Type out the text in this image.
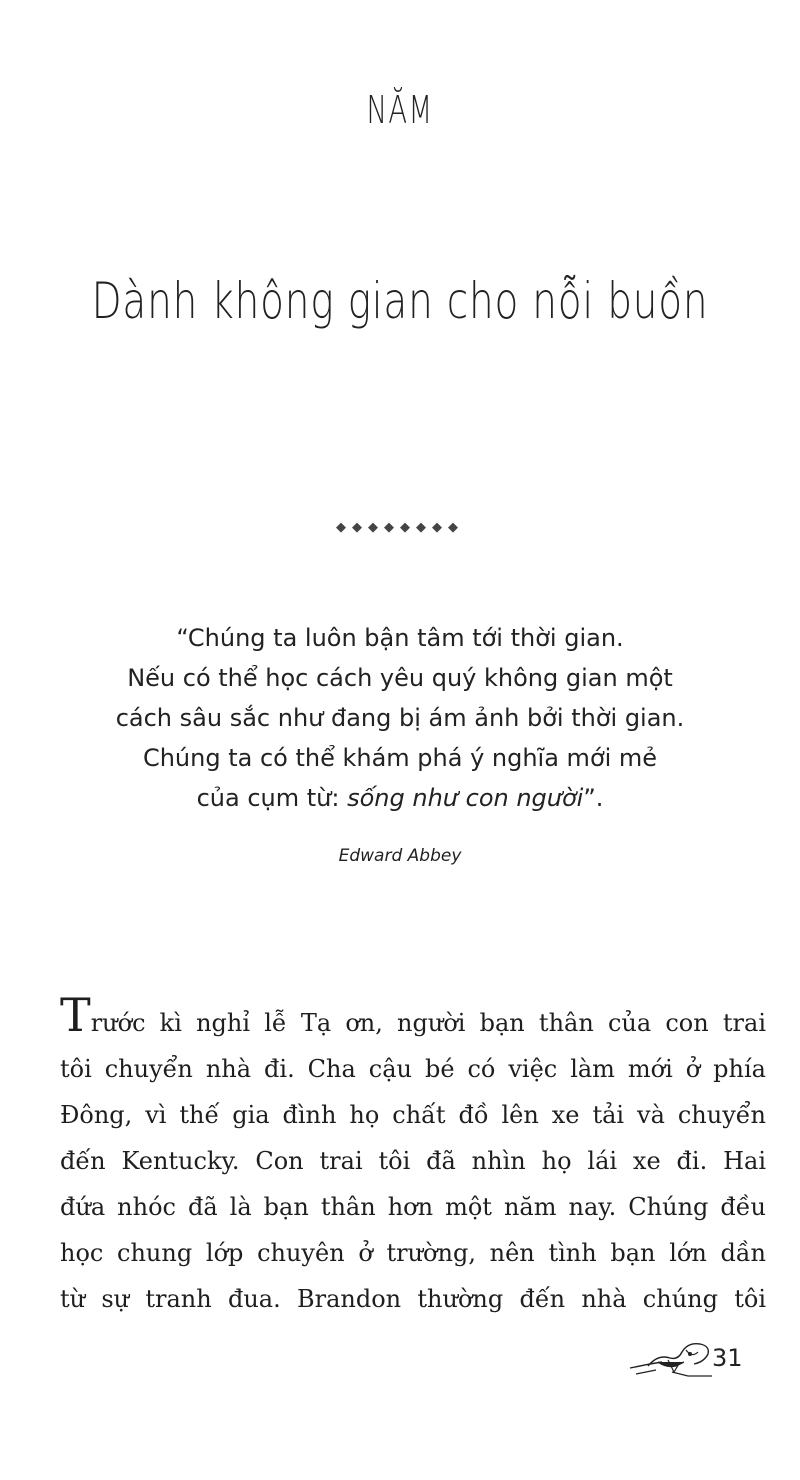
NĂM
Dành không gian cho nỗi buồn
◆◆◆◆◆◆◆◆
“Chúng ta luôn bận tâm tới thời gian.
Nếu có thể học cách yêu quý không gian một
cách sâu sắc như đang bị ám ảnh bởi thời gian.
Chúng ta có thể khám phá ý nghĩa mới mẻ
của cụm từ: sống như con người”.
Edward Abbey
Trước kì nghỉ lễ Tạ ơn, người bạn thân của con trai
tôi chuyển nhà đi. Cha cậu bé có việc làm mới ở phía
Đông, vì thế gia đình họ chất đồ lên xe tải và chuyển
đến Kentucky. Con trai tôi đã nhìn họ lái xe đi. Hai
đứa nhóc đã là bạn thân hơn một năm nay. Chúng đều
học chung lớp chuyên ở trường, nên tình bạn lớn dần
từ sự tranh đua. Brandon thường đến nhà chúng tôi
31
